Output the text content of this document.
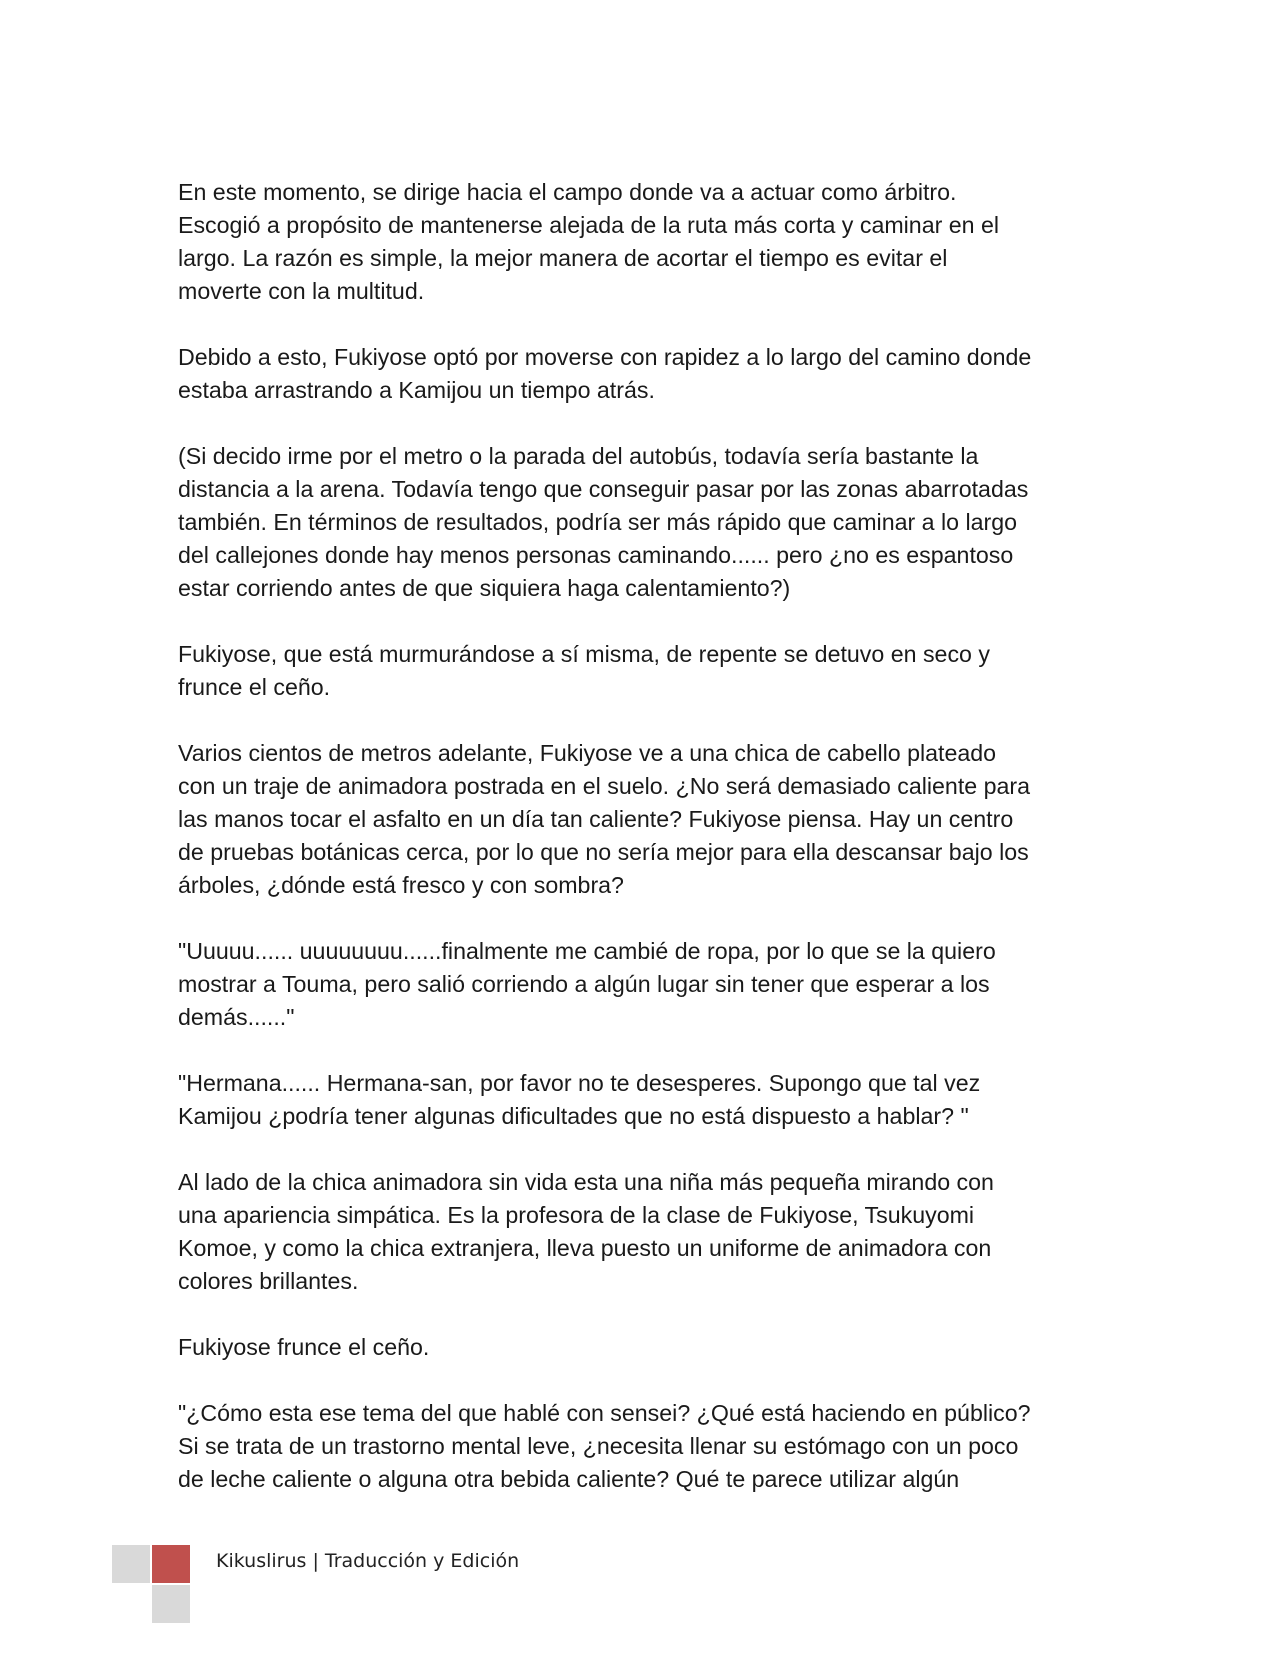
En este momento, se dirige hacia el campo donde va a actuar como árbitro.
Escogió a propósito de mantenerse alejada de la ruta más corta y caminar en el
largo. La razón es simple, la mejor manera de acortar el tiempo es evitar el
moverte con la multitud.

Debido a esto, Fukiyose optó por moverse con rapidez a lo largo del camino donde
estaba arrastrando a Kamijou un tiempo atrás.

(Si decido irme por el metro o la parada del autobús, todavía sería bastante la
distancia a la arena. Todavía tengo que conseguir pasar por las zonas abarrotadas
también. En términos de resultados, podría ser más rápido que caminar a lo largo
del callejones donde hay menos personas caminando...... pero ¿no es espantoso
estar corriendo antes de que siquiera haga calentamiento?)

Fukiyose, que está murmurándose a sí misma, de repente se detuvo en seco y
frunce el ceño.

Varios cientos de metros adelante, Fukiyose ve a una chica de cabello plateado
con un traje de animadora postrada en el suelo. ¿No será demasiado caliente para
las manos tocar el asfalto en un día tan caliente? Fukiyose piensa. Hay un centro
de pruebas botánicas cerca, por lo que no sería mejor para ella descansar bajo los
árboles, ¿dónde está fresco y con sombra?

"Uuuuu...... uuuuuuuu......finalmente me cambié de ropa, por lo que se la quiero
mostrar a Touma, pero salió corriendo a algún lugar sin tener que esperar a los
demás......"

"Hermana...... Hermana-san, por favor no te desesperes. Supongo que tal vez
Kamijou ¿podría tener algunas dificultades que no está dispuesto a hablar? "

Al lado de la chica animadora sin vida esta una niña más pequeña mirando con
una apariencia simpática. Es la profesora de la clase de Fukiyose, Tsukuyomi
Komoe, y como la chica extranjera, lleva puesto un uniforme de animadora con
colores brillantes.

Fukiyose frunce el ceño.

"¿Cómo esta ese tema del que hablé con sensei? ¿Qué está haciendo en público?
Si se trata de un trastorno mental leve, ¿necesita llenar su estómago con un poco
de leche caliente o alguna otra bebida caliente? Qué te parece utilizar algún

Kikuslirus | Traducción y Edición
